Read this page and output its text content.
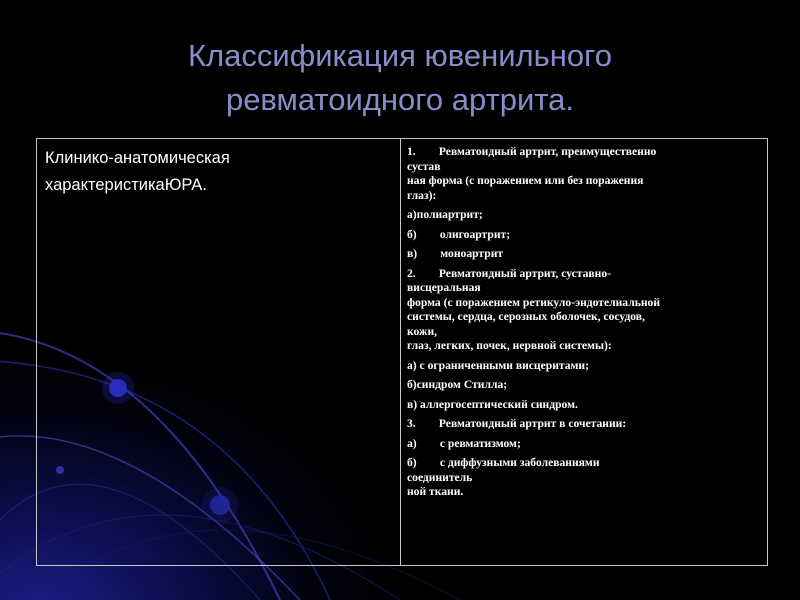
Классификация ювенильного
ревматоидного артрита.
Клинико-анатомическая
характеристикаЮРА.
1.        Ревматоидный артрит, преимущественно
сустав
ная форма (с поражением или без поражения
глаз):
а)полиартрит;
б)        олигоартрит;
в)        моноартрит
2.        Ревматоидный артрит, суставно-
висцеральная
форма (с поражением ретикуло-эндотелиальной
системы, сердца, серозных оболочек, сосудов,
кожи,
глаз, легких, почек, нервной системы):
а) с ограниченными висцеритами;
б)синдром Стилла;
в) аллергосептический синдром.
3.        Ревматоидный артрит в сочетании:
а)        с ревматизмом;
б)        с диффузными заболеваниями
соединитель
ной ткани.
